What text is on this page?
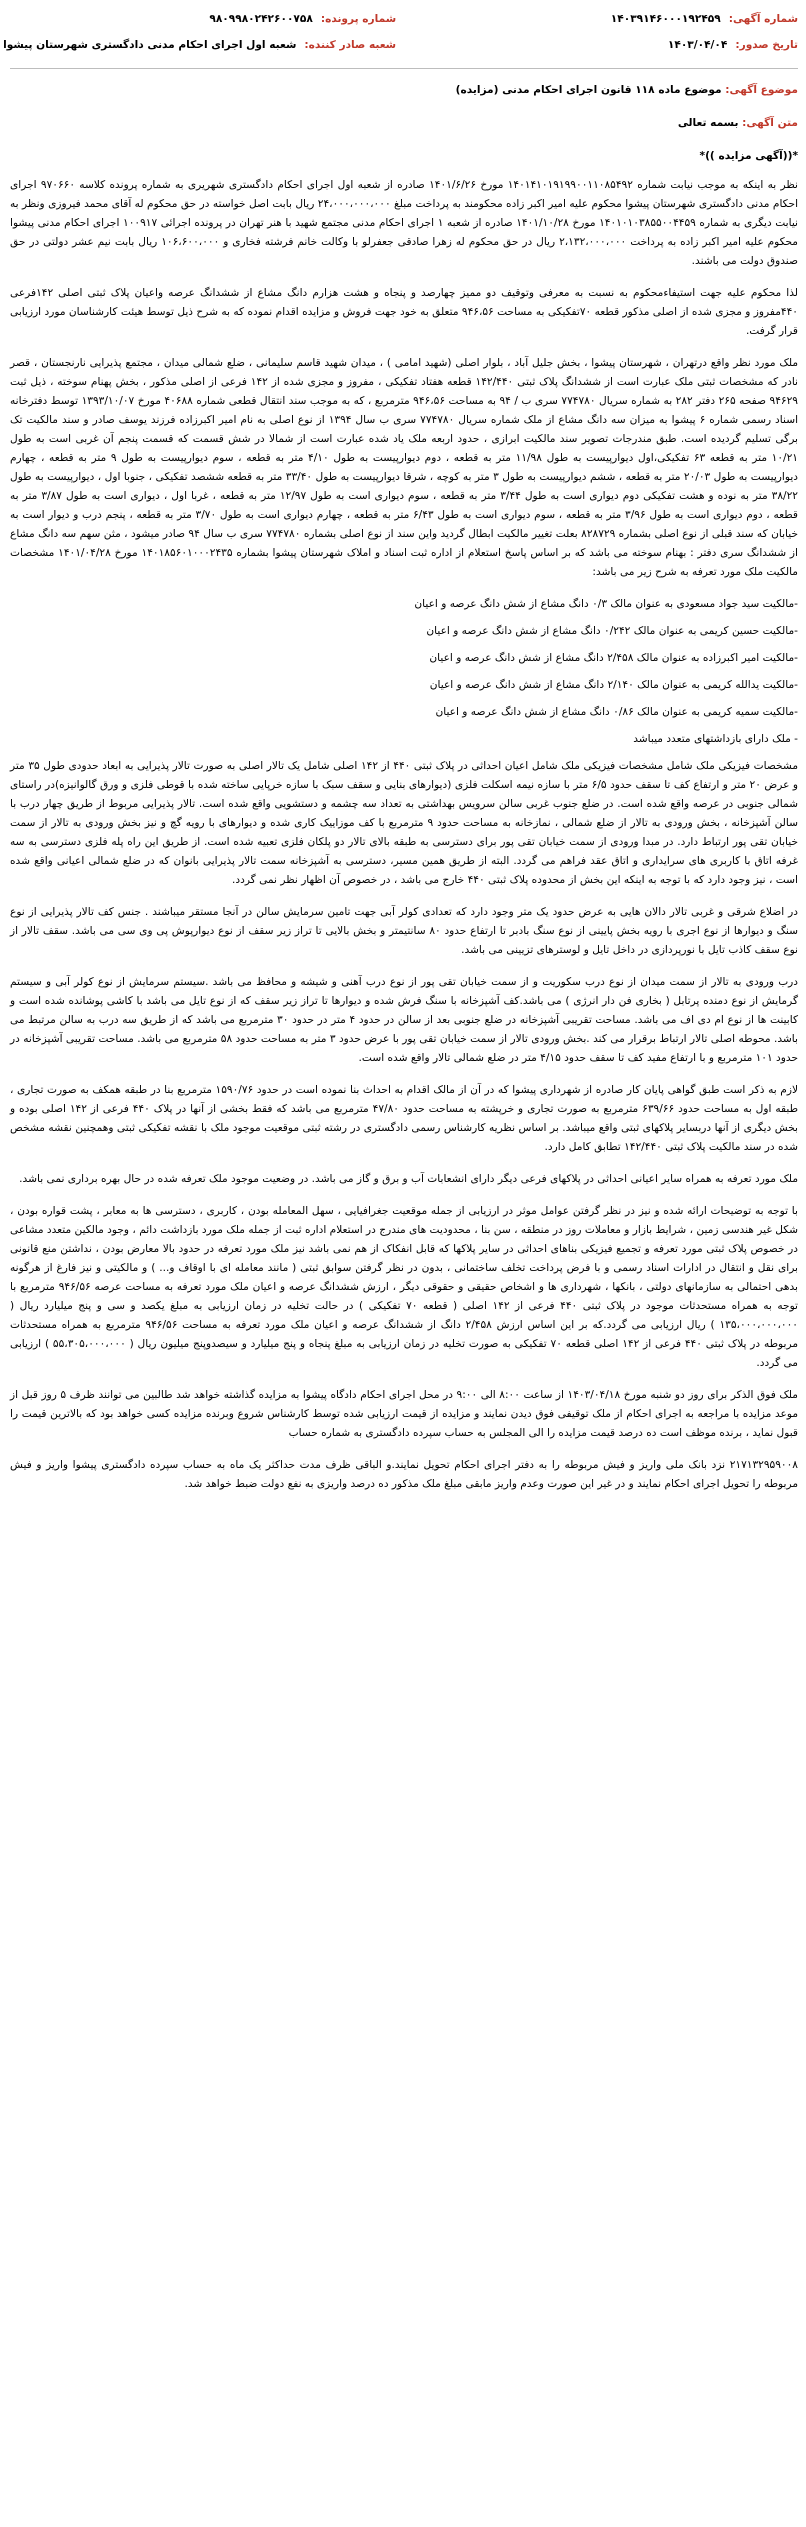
شماره آگهی:
۱۴۰۳۹۱۴۶۰۰۰۱۹۲۴۵۹
تاریخ صدور:
۱۴۰۳/۰۴/۰۴
شماره پرونده:
۹۸۰۹۹۸۰۲۴۲۶۰۰۷۵۸
شعبه صادر کننده:
شعبه اول اجرای احکام مدنی دادگستری شهرستان پیشوا
موضوع آگهی: موضوع ماده ۱۱۸ قانون اجرای احکام مدنی (مزایده)
متن آگهی: بسمه تعالی
*((آگهی مزایده ))*

نظر به اینکه به موجب نیابت شماره ۱۴۰۱۴۱۰۱۹۱۹۹۰۰۱۱۰۸۵۴۹۲ مورخ ۱۴۰۱/۶/۲۶ صادره از شعبه اول اجرای احکام دادگستری شهریری به شماره پرونده کلاسه ۹۷۰۶۶۰ اجرای احکام مدنی دادگستری شهرستان پیشوا محکوم علیه امیر اکبر زاده محکومند به پرداخت مبلغ ۲۴،۰۰۰،۰۰۰،۰۰۰ ریال بابت اصل خواسته در حق محکوم له آقای محمد فیروزی ونظر به نیابت دیگری به شماره ۱۴۰۱۰۱۰۳۸۵۵۰۰۴۴۵۹ مورخ ۱۴۰۱/۱۰/۲۸ صادره از شعبه ۱ اجرای احکام مدنی مجتمع شهید با هنر تهران در پرونده اجرائی ۱۰۰۹۱۷ اجرای احکام مدنی پیشوا محکوم علیه امیر اکبر زاده به پرداخت ۲،۱۳۲،۰۰۰،۰۰۰ ریال در حق محکوم له زهرا صادقی جعفرلو با وکالت خانم فرشته فخاری و ۱۰۶،۶۰۰،۰۰۰ ریال بابت نیم عشر دولتی در حق صندوق دولت می باشند.

لذا محکوم علیه جهت استیفاءمحکوم به نسبت به معرفی وتوقیف دو ممیز چهارصد و پنجاه و هشت هزارم دانگ مشاع از ششدانگ عرصه واعیان پلاک ثبتی اصلی ۱۴۲فرعی ۴۴۰مفروز و مجزی شده از اصلی مذکور قطعه ۷۰تفکیکی به مساحت ۹۴۶،۵۶ متعلق به خود جهت فروش و مزایده اقدام نموده که به شرح ذیل توسط هیئت کارشناسان مورد ارزیابی قرار گرفت.

ملک مورد نظر واقع درتهران ، شهرستان پیشوا ، بخش جلیل آباد ، بلوار اصلی (شهید امامی ) ، میدان شهید قاسم سلیمانی ، ضلع شمالی میدان ، مجتمع پذیرایی نارنجستان ، قصر نادر که مشخصات ثبتی ملک عبارت است از ششدانگ پلاک ثبتی ۱۴۲/۴۴۰ قطعه هفتاد تفکیکی ، مفروز و مجزی شده از ۱۴۲ فرعی از اصلی مذکور ، بخش پهنام سوخته ، ذیل ثبت ۹۴۶۲۹ صفحه ۲۶۵ دفتر ۲۸۲ به شماره سریال ۷۷۴۷۸۰ سری ب / ۹۴ به مساحت ۹۴۶،۵۶ مترمربع ، که به موجب سند انتقال قطعی شماره ۴۰۶۸۸ مورخ ۱۳۹۳/۱۰/۰۷ توسط دفترخانه اسناد رسمی شماره ۶ پیشوا به میزان سه دانگ مشاع از ملک شماره سریال ۷۷۴۷۸۰ سری ب سال ۱۳۹۴ از نوع اصلی به نام امیر اکبرزاده فرزند یوسف صادر و سند مالکیت تک برگی تسلیم گردیده است. طبق مندرجات تصویر سند مالکیت ابرازی ، حدود اربعه ملک یاد شده عبارت است از شمالا در شش قسمت که قسمت پنجم آن غربی است به طول ۱۰/۲۱ متر به قطعه ۶۳ تفکیکی،اول دیوارپیست به طول ۱۱/۹۸ متر به قطعه ، دوم دیوارپیست به طول ۴/۱۰ متر به قطعه ، سوم دیوارپیست به طول ۹ متر به قطعه ، چهارم دیوارپیست به طول ۲۰/۰۳ متر به قطعه ، ششم دیوارپیست به طول ۳ متر به کوچه ، شرقا دیوارپیست به طول ۳۳/۴۰ متر به قطعه ششصد تفکیکی ، جنوبا اول ، دیوارپیست به طول ۳۸/۲۲ متر به نوده و هشت تفکیکی دوم دیواری است به طول ۳/۴۴ متر به قطعه ، سوم دیواری است به طول ۱۲/۹۷ متر به قطعه ، غربا اول ، دیواری است به طول ۳/۸۷ متر به قطعه ، دوم دیواری است به طول ۳/۹۶ متر به قطعه ، سوم دیواری است به طول ۶/۴۳ متر به قطعه ، چهارم دیواری است به طول ۳/۷۰ متر به قطعه ، پنجم درب و دیوار است به خیابان که سند قبلی از نوع اصلی بشماره ۸۲۸۷۲۹ بعلت تغییر مالکیت ابطال گردید واین سند از نوع اصلی بشماره ۷۷۴۷۸۰ سری ب سال ۹۴ صادر میشود ، مثن سهم سه دانگ مشاع از ششدانگ سری دفتر : بهنام سوخته می باشد که بر اساس پاسخ استعلام از اداره ثبت اسناد و املاک شهرستان پیشوا بشماره ۱۴۰۱۸۵۶۰۱۰۰۰۲۴۳۵ مورخ ۱۴۰۱/۰۴/۲۸ مشخصات مالکیت ملک مورد تعرفه به شرح زیر می باشد:

-مالکیت سید جواد مسعودی به عنوان مالک ۰/۳ دانگ مشاع از شش دانگ عرصه و اعیان
-مالکیت حسین کریمی به عنوان مالک ۰/۲۴۲ دانگ مشاع از شش دانگ عرصه و اعیان
-مالکیت امیر اکبرزاده به عنوان مالک ۲/۴۵۸ دانگ مشاع از شش دانگ عرصه و اعیان
-مالکیت یدالله کریمی به عنوان مالک ۲/۱۴۰ دانگ مشاع از شش دانگ عرصه و اعیان
-مالکیت سمیه کریمی به عنوان مالک ۰/۸۶ دانگ مشاع از شش دانگ عرصه و اعیان
- ملک دارای بازداشتهای متعدد میباشد

مشخصات فیزیکی ملک شامل مشخصات فیزیکی ملک شامل اعیان احداثی در پلاک ثبتی ۴۴۰ از ۱۴۲ اصلی شامل یک تالار اصلی به صورت تالار پذیرایی به ابعاد حدودی طول ۳۵ متر و عرض ۲۰ متر و ارتفاع کف تا سقف حدود ۶/۵ متر با سازه نیمه اسکلت فلزی (دیوارهای بنایی و سقف سبک با سازه خرپایی ساخته شده با قوطی فلزی و ورق گالوانیزه)در راستای شمالی جنوبی در عرصه واقع شده است. در ضلع جنوب غربی سالن سرویس بهداشتی به تعداد سه چشمه و دستشویی واقع شده است. تالار پذیرایی مربوط از طریق چهار درب با سالن آشپزخانه ، بخش ورودی به تالار از ضلع شمالی ، نمازخانه به مساحت حدود ۹ مترمربع با کف موزاییک کاری شده و دیوارهای با رویه گچ و نیز بخش ورودی به تالار از سمت خیابان تقی پور ارتباط دارد. در مبدا ورودی از سمت خیابان تقی پور برای دسترسی به طبقه بالای تالار دو پلکان فلزی تعبیه شده است. از طریق این راه پله فلزی دسترسی به سه غرفه اتاق با کاربری های سرایداری و اتاق عقد فراهم می گردد. البته از طریق همین مسیر، دسترسی به آشپزخانه سمت تالار پذیرایی بانوان که در ضلع شمالی اعیانی واقع شده است ، نیز وجود دارد که با توجه به اینکه این بخش از محدوده پلاک ثبتی ۴۴۰ خارج می باشد ، در خصوص آن اظهار نظر نمی گردد.

در اضلاع شرقی و غربی تالار دالان هایی به عرض حدود یک متر وجود دارد که تعدادی کولر آبی جهت تامین سرمایش سالن در آنجا مستقر میباشند . جنس کف تالار پذیرایی از نوع سنگ و دیوارها از نوع اجری با رویه بخش پایینی از نوع سنگ بادبر تا ارتفاع حدود ۸۰ سانتیمتر و بخش بالایی تا تراز زیر سقف از نوع دیوارپوش پی وی سی می باشد. سقف تالار از نوع سقف کاذب تایل با نورپردازی در داخل تایل و لوسترهای تزیینی می باشد.

درب ورودی به تالار از سمت میدان از نوع درب سکوریت و از سمت خیابان تقی پور از نوع درب آهنی و شیشه و محافظ می باشد .سیستم سرمایش از نوع کولر آبی و سیستم گرمایش از نوع دمنده پرتابل ( بخاری فن دار انرژی ) می باشد.کف آشپزخانه با سنگ فرش شده و دیوارها تا تراز زیر سقف که از نوع تایل می باشد با کاشی پوشانده شده است و کابینت ها از نوع ام دی اف می باشد. مساحت تقریبی آشپزخانه در ضلع جنوبی بعد از سالن در حدود ۴ متر در حدود ۳۰ مترمربع می باشد که از طریق سه درب به سالن مرتبط می باشد. محوطه اصلی تالار ارتباط برقرار می کند .بخش ورودی تالار از سمت خیابان تقی پور با عرض حدود ۳ متر به مساحت حدود ۵۸ مترمربع می باشد. مساحت تقریبی آشپزخانه در حدود ۱۰۱ مترمربع و با ارتفاع مفید کف تا سقف حدود ۴/۱۵ متر در ضلع شمالی تالار واقع شده است.

لازم به ذکر است طبق گواهی پایان کار صادره از شهرداری پیشوا که در آن از مالک اقدام به احداث بنا نموده است در حدود ۱۵۹۰/۷۶ مترمربع بنا در طبقه همکف به صورت تجاری ، طبقه اول به مساحت حدود ۶۳۹/۶۶ مترمربع به صورت تجاری و خرپشته به مساحت حدود ۴۷/۸۰ مترمربع می باشد که فقط بخشی از آنها در پلاک ۴۴۰ فرعی از ۱۴۲ اصلی بوده و بخش دیگری از آنها دربسایر پلاکهای ثبتی واقع میباشد. بر اساس نظریه کارشناس رسمی دادگستری در رشته ثبتی موقعیت موجود ملک با نقشه تفکیکی ثبتی وهمچنین نقشه مشخص شده در سند مالکیت پلاک ثبتی ۱۴۲/۴۴۰ تطابق کامل دارد.

ملک مورد تعرفه به همراه سایر اعیانی احداثی در پلاکهای فرعی دیگر دارای انشعابات آب و برق و گاز می باشد. در وضعیت موجود ملک تعرفه شده در حال بهره برداری نمی باشد.

با توجه به توضیحات ارائه شده و نیز در نظر گرفتن عوامل موثر در ارزیابی از جمله موقعیت جغرافیایی ، سهل المعامله بودن ، کاربری ، دسترسی ها به معابر ، پشت قواره بودن ، شکل غیر هندسی زمین ، شرایط بازار و معاملات روز در منطقه ، سن بنا ، محدودیت های مندرج در استعلام اداره ثبت از جمله ملک مورد بازداشت دائم ، وجود مالکین متعدد مشاعی در خصوص پلاک ثبتی مورد تعرفه و تجمیع فیزیکی بناهای احداثی در سایر پلاکها که قابل انفکاک از هم نمی باشد نیز ملک مورد تعرفه در حدود بالا معارض بودن ، نداشتن منع قانونی برای نقل و انتقال در ادارات اسناد رسمی و با فرض پرداخت تخلف ساختمانی ، بدون در نظر گرفتن سوابق ثبتی ( مانند معامله ای با اوقاف و... ) و مالکیتی و نیز فارغ از هرگونه بدهی احتمالی به سازمانهای دولتی ، بانکها ، شهرداری ها و اشخاص حقیقی و حقوقی دیگر ، ارزش ششدانگ عرصه و اعیان ملک مورد تعرفه به مساحت عرصه ۹۴۶/۵۶ مترمربع با توجه به همراه مستحدثات موجود در پلاک ثبتی ۴۴۰ فرعی از ۱۴۲ اصلی ( قطعه ۷۰ تفکیکی ) در حالت تخلیه در زمان ارزیابی به مبلغ یکصد و سی و پنج میلیارد ریال ( ۱۳۵،۰۰۰،۰۰۰،۰۰۰ ) ریال ارزیابی می گردد.که بر این اساس ارزش ۲/۴۵۸ دانگ از ششدانگ عرصه و اعیان ملک مورد تعرفه به مساحت ۹۴۶/۵۶ مترمربع به همراه مستحدثات مربوطه در پلاک ثبتی ۴۴۰ فرعی از ۱۴۲ اصلی قطعه ۷۰ تفکیکی به صورت تخلیه در زمان ارزیابی به مبلغ پنجاه و پنج میلیارد و سیصدوپنج میلیون ریال ( ۵۵،۳۰۵،۰۰۰،۰۰۰ ) ارزیابی می گردد.

ملک فوق الذکر برای روز دو شنبه مورخ ۱۴۰۳/۰۴/۱۸ از ساعت ۸:۰۰ الی ۹:۰۰ در محل اجرای احکام دادگاه پیشوا به مزایده گذاشته خواهد شد طالبین می توانند ظرف ۵ روز قبل از موعد مزایده با مراجعه به اجرای احکام از ملک توقیفی فوق دیدن نمایند و مزایده از قیمت ارزیابی شده توسط کارشناس شروع وبرنده مزایده کسی خواهد بود که بالاترین قیمت را قبول نماید ، برنده موظف است ده درصد قیمت مزایده را الی المجلس به حساب سپرده دادگستری به شماره حساب

۲۱۷۱۳۲۹۵۹۰۰۸ نزد بانک ملی واریز و فیش مربوطه را به دفتر اجرای احکام تحویل نمایند.و الباقی ظرف مدت حداکثر یک ماه به حساب سپرده دادگستری پیشوا واریز و فیش مربوطه را تحویل اجرای احکام نمایند و در غیر این صورت وعدم واریز مابقی مبلغ ملک مذکور ده درصد واریزی به نفع دولت ضبط خواهد شد.
